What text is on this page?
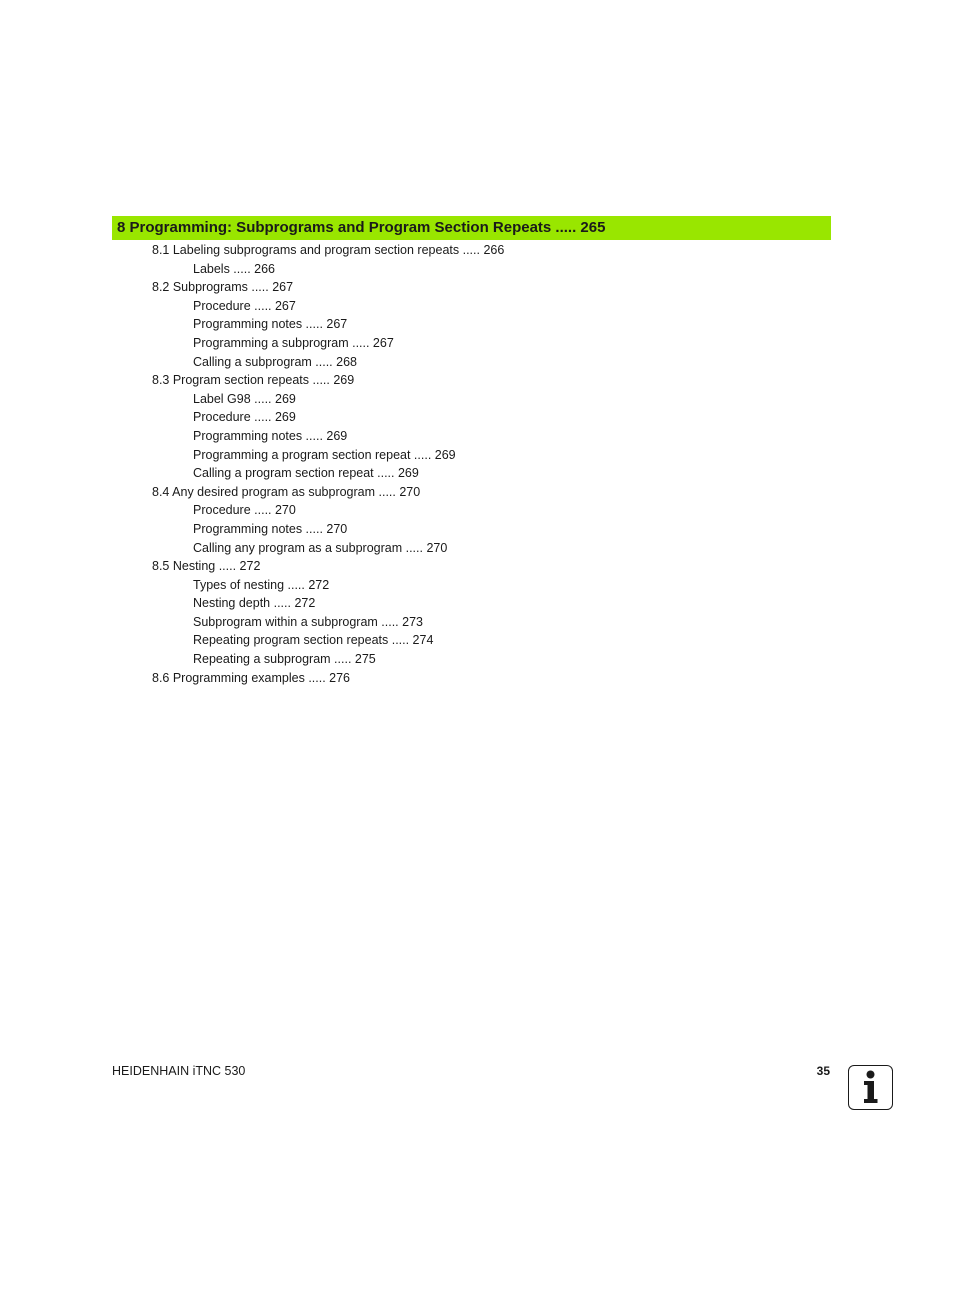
8 Programming: Subprograms and Program Section Repeats ..... 265
8.1 Labeling subprograms and program section repeats ..... 266
Labels ..... 266
8.2 Subprograms ..... 267
Procedure ..... 267
Programming notes ..... 267
Programming a subprogram ..... 267
Calling a subprogram ..... 268
8.3 Program section repeats ..... 269
Label G98 ..... 269
Procedure ..... 269
Programming notes ..... 269
Programming a program section repeat ..... 269
Calling a program section repeat ..... 269
8.4 Any desired program as subprogram ..... 270
Procedure ..... 270
Programming notes ..... 270
Calling any program as a subprogram ..... 270
8.5 Nesting ..... 272
Types of nesting ..... 272
Nesting depth ..... 272
Subprogram within a subprogram ..... 273
Repeating program section repeats ..... 274
Repeating a subprogram ..... 275
8.6 Programming examples ..... 276
HEIDENHAIN iTNC 530	35
